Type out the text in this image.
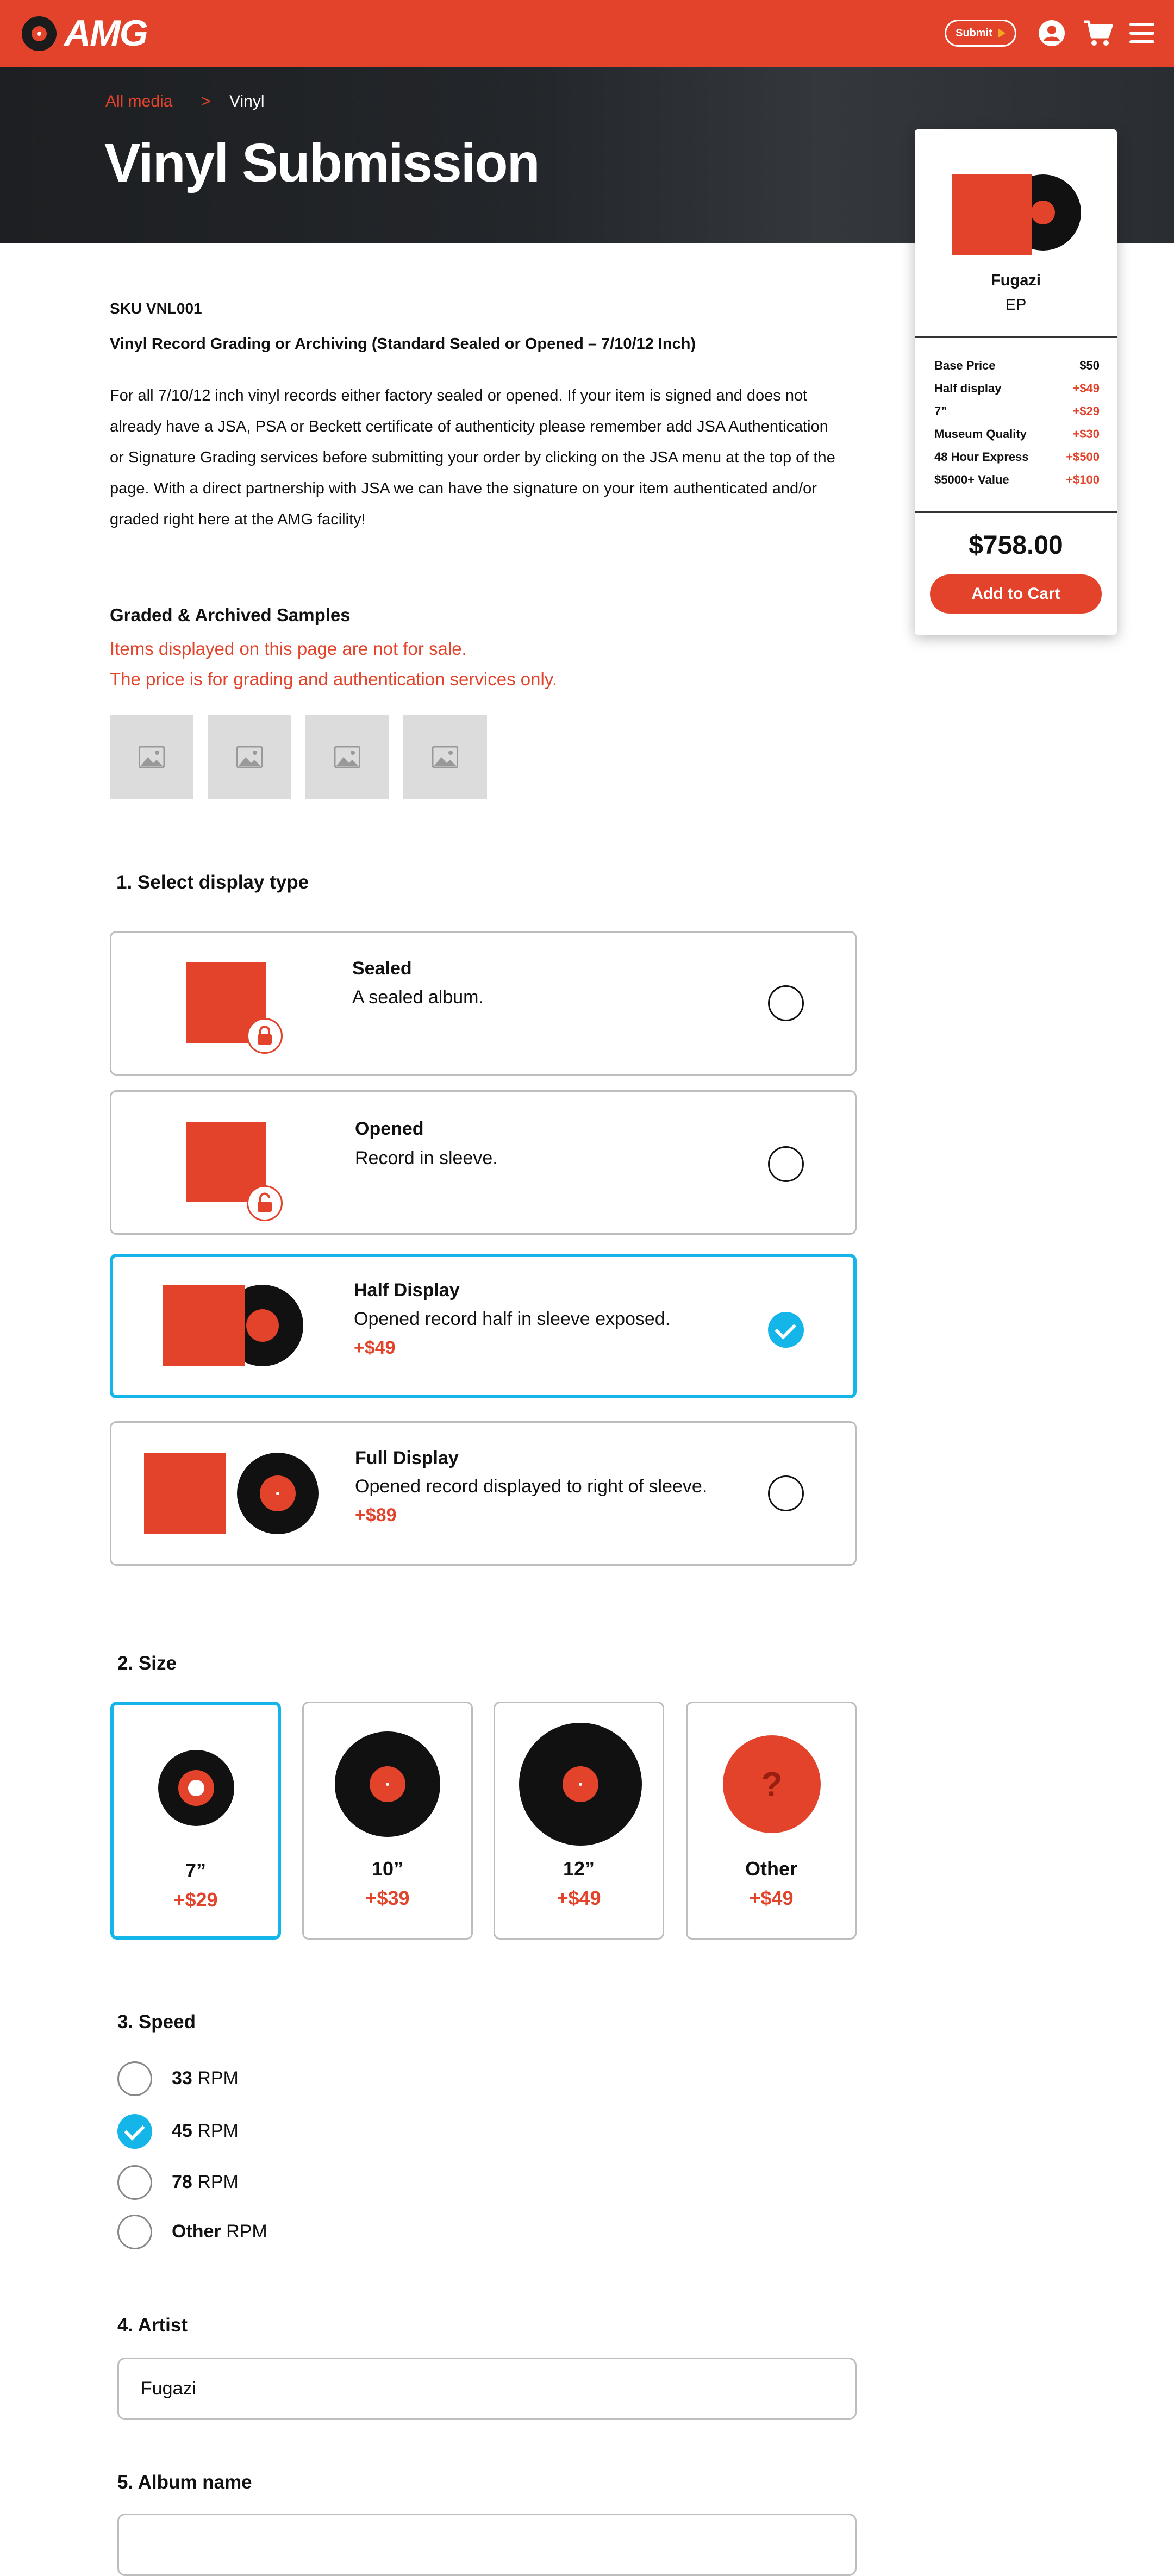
AMG	Submit
All media > Vinyl
Vinyl Submission
SKU VNL001
Vinyl Record Grading or Archiving (Standard Sealed or Opened – 7/10/12 Inch)
For all 7/10/12 inch vinyl records either factory sealed or opened. If your item is signed and does not already have a JSA, PSA or Beckett certificate of authenticity please remember add JSA Authentication or Signature Grading services before submitting your order by clicking on the JSA menu at the top of the page. With a direct partnership with JSA we can have the signature on your item authenticated and/or graded right here at the AMG facility!
Graded & Archived Samples
Items displayed on this page are not for sale.
The price is for grading and authentication services only.
1. Select display type
Sealed
A sealed album.
Opened
Record in sleeve.
Half Display
Opened record half in sleeve exposed.
+$49
Full Display
Opened record displayed to right of sleeve.
+$89
2. Size
7”
+$29
10”
+$39
12”
+$49
?
Other
+$49
3. Speed
33 RPM
45 RPM
78 RPM
Other RPM
4. Artist
Fugazi
5. Album name
Fugazi
EP
Base Price	$50
Half display	+$49
7”	+$29
Museum Quality	+$30
48 Hour Express	+$500
$5000+ Value	+$100
$758.00
Add to Cart
